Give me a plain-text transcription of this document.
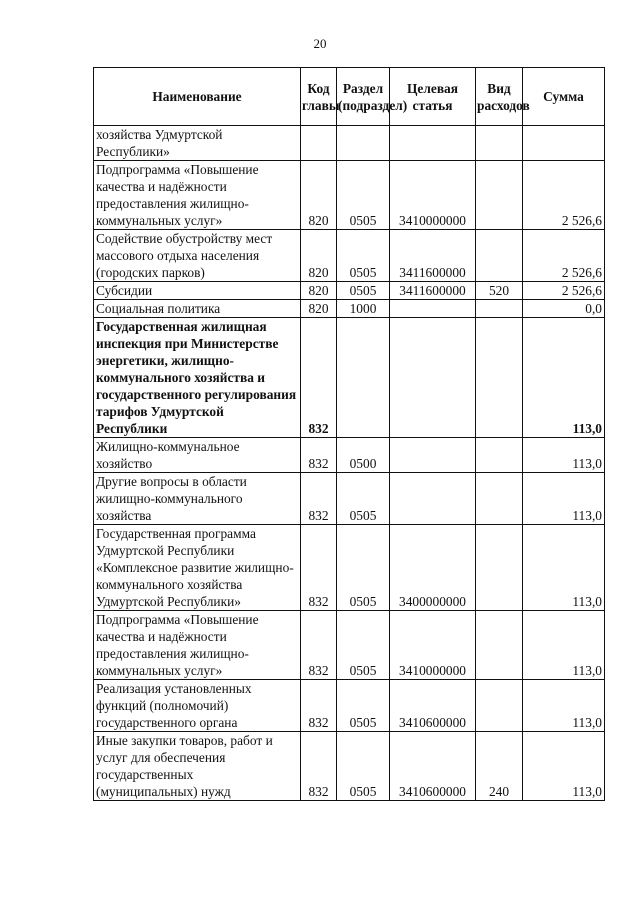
20
Наименование	Код главы	Раздел (подраздел)	Целевая статья	Вид расходов	Сумма
хозяйства Удмуртской Республики»					
Подпрограмма «Повышение качества и надёжности предоставления жилищно-коммунальных услуг»	820	0505	3410000000		2 526,6
Содействие обустройству мест массового отдыха населения (городских парков)	820	0505	3411600000		2 526,6
Субсидии	820	0505	3411600000	520	2 526,6
Социальная политика	820	1000			0,0
Государственная жилищная инспекция при Министерстве энергетики, жилищно-коммунального хозяйства и государственного регулирования тарифов Удмуртской Республики	832				113,0
Жилищно-коммунальное хозяйство	832	0500			113,0
Другие вопросы в области жилищно-коммунального хозяйства	832	0505			113,0
Государственная программа Удмуртской Республики «Комплексное развитие жилищно-коммунального хозяйства Удмуртской Республики»	832	0505	3400000000		113,0
Подпрограмма «Повышение качества и надёжности предоставления жилищно-коммунальных услуг»	832	0505	3410000000		113,0
Реализация установленных функций (полномочий) государственного органа	832	0505	3410600000		113,0
Иные закупки товаров, работ и услуг для обеспечения государственных (муниципальных) нужд	832	0505	3410600000	240	113,0
